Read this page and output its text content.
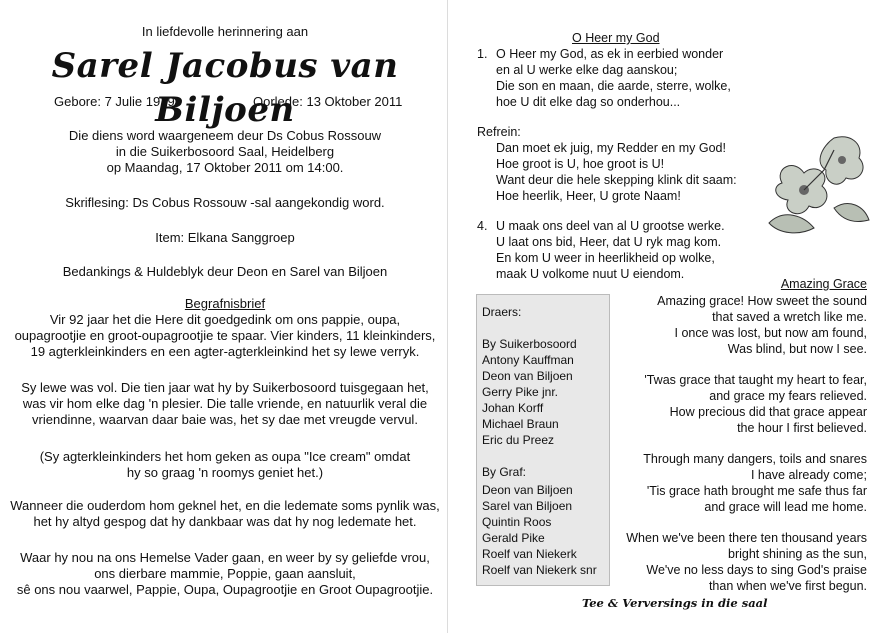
In liefdevolle herinnering aan
Sarel Jacobus van Biljoen
Gebore: 7 Julie 1919	Oorlede: 13 Oktober 2011
Die diens word waargeneem deur Ds Cobus Rossouw
in die Suikerbosoord Saal, Heidelberg
op Maandag, 17 Oktober 2011 om 14:00.
Skriflesing: Ds Cobus Rossouw -sal aangekondig word.
Item: Elkana Sanggroep
Bedankings & Huldeblyk deur Deon en Sarel van Biljoen
Begrafnisbrief
Vir 92 jaar het die Here dit goedgedink om ons pappie, oupa,
oupagrootjie en groot-oupagrootjie te spaar. Vier kinders, 11 kleinkinders,
19 agterkleinkinders en een agter-agterkleinkind het sy lewe verryk.
Sy lewe was vol. Die tien jaar wat hy by Suikerbosoord tuisgegaan het,
was vir hom elke dag 'n plesier. Die talle vriende, en natuurlik veral die
vriendinne, waarvan daar baie was, het sy dae met vreugde vervul.
(Sy agterkleinkinders het hom geken as oupa "Ice cream" omdat
hy so graag 'n roomys geniet het.)
Wanneer die ouderdom hom geknel het, en die ledemate soms pynlik was,
het hy altyd gespog dat hy dankbaar was dat hy nog ledemate het.
Waar hy nou na ons Hemelse Vader gaan, en weer by sy geliefde vrou,
ons dierbare mammie, Poppie, gaan aansluit,
sê ons nou vaarwel, Pappie, Oupa, Oupagrootjie en Groot Oupagrootjie.
O Heer my God
1. O Heer my God, as ek in eerbied wonder
en al U werke elke dag aanskou;
Die son en maan, die aarde, sterre, wolke,
hoe U dit elke dag so onderhou...
Refrein:
Dan moet ek juig, my Redder en my God!
Hoe groot is U, hoe groot is U!
Want deur die hele skepping klink dit saam:
Hoe heerlik, Heer, U grote Naam!
4. U maak ons deel van al U grootse werke.
U laat ons bid, Heer, dat U ryk mag kom.
En kom U weer in heerlikheid op wolke,
maak U volkome nuut U eiendom.
Amazing Grace
Amazing grace! How sweet the sound
that saved a wretch like me.
I once was lost, but now am found,
Was blind, but now I see.
'Twas grace that taught my heart to fear,
and grace my fears relieved.
How precious did that grace appear
the hour I first believed.
Through many dangers, toils and snares
I have already come;
'Tis grace hath brought me safe thus far
and grace will lead me home.
When we've been there ten thousand years
bright shining as the sun,
We've no less days to sing God's praise
than when we've first begun.
Draers:
By Suikerbosoord
Antony Kauffman
Deon van Biljoen
Gerry Pike jnr.
Johan Korff
Michael Braun
Eric du Preez
By Graf:
Deon van Biljoen
Sarel van Biljoen
Quintin Roos
Gerald Pike
Roelf van Niekerk
Roelf van Niekerk snr
Tee & Verversings in die saal
